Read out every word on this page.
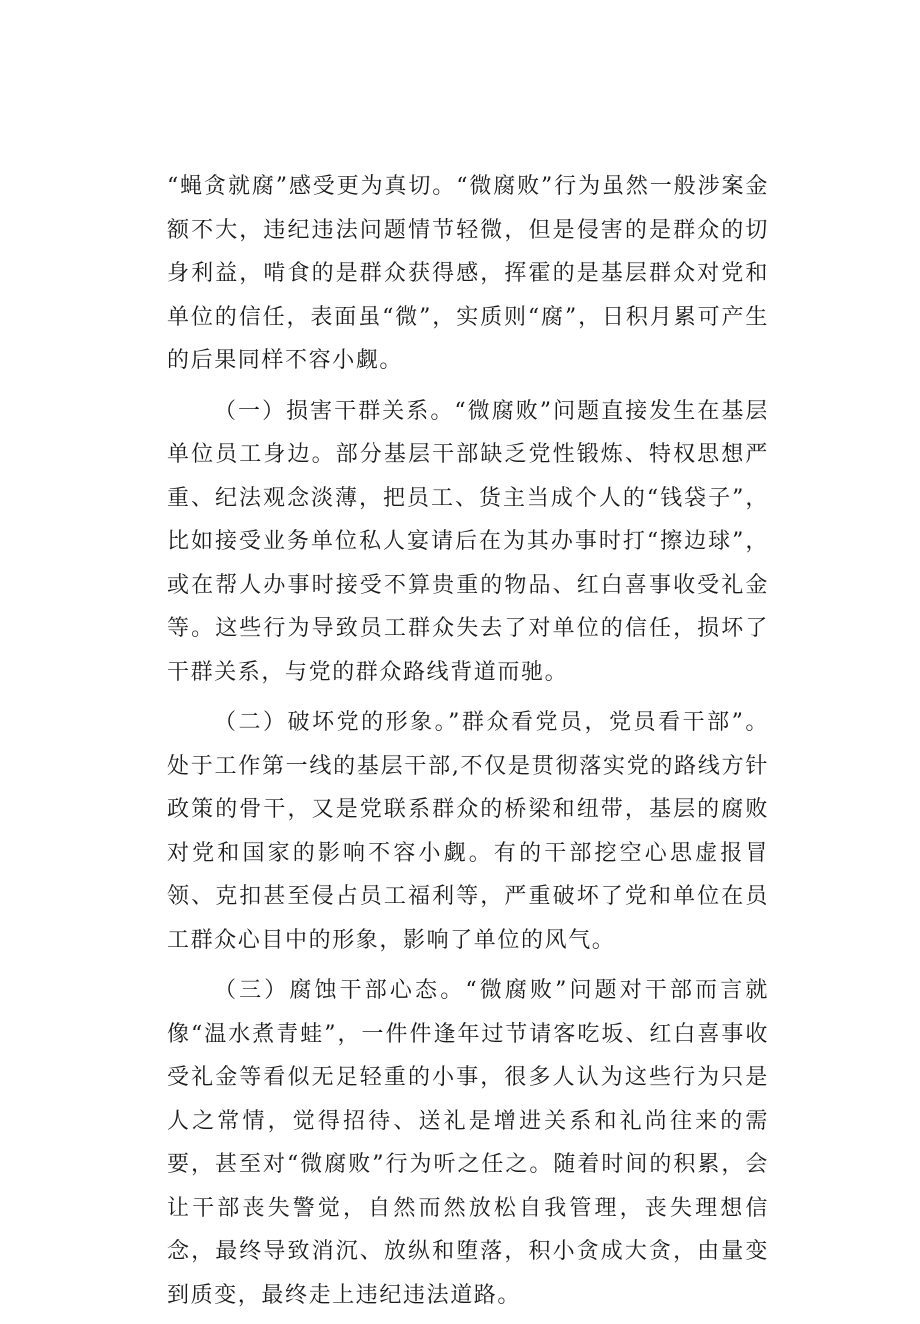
“蝇贪就腐”感受更为真切。“微腐败”行为虽然一般涉案金额不大，违纪违法问题情节轻微，但是侵害的是群众的切身利益，啃食的是群众获得感，挥霍的是基层群众对党和单位的信任，表面虽“微”，实质则“腐”，日积月累可产生的后果同样不容小觑。

（一）损害干群关系。“微腐败”问题直接发生在基层单位员工身边。部分基层干部缺乏党性锻炼、特权思想严重、纪法观念淡薄，把员工、货主当成个人的“钱袋子”，比如接受业务单位私人宴请后在为其办事时打“擦边球”，或在帮人办事时接受不算贵重的物品、红白喜事收受礼金等。这些行为导致员工群众失去了对单位的信任，损坏了干群关系，与党的群众路线背道而驰。

（二）破坏党的形象。”群众看党员，党员看干部”。处于工作第一线的基层干部,不仅是贯彻落实党的路线方针政策的骨干，又是党联系群众的桥梁和纽带，基层的腐败对党和国家的影响不容小觑。有的干部挖空心思虚报冒领、克扣甚至侵占员工福利等，严重破坏了党和单位在员工群众心目中的形象，影响了单位的风气。

（三）腐蚀干部心态。“微腐败”问题对干部而言就像“温水煮青蛙”，一件件逢年过节请客吃坂、红白喜事收受礼金等看似无足轻重的小事，很多人认为这些行为只是人之常情，觉得招待、送礼是增进关系和礼尚往来的需要，甚至对“微腐败”行为听之任之。随着时间的积累，会让干部丧失警觉，自然而然放松自我管理，丧失理想信念，最终导致消沉、放纵和堕落，积小贪成大贪，由量变到质变，最终走上违纪违法道路。
